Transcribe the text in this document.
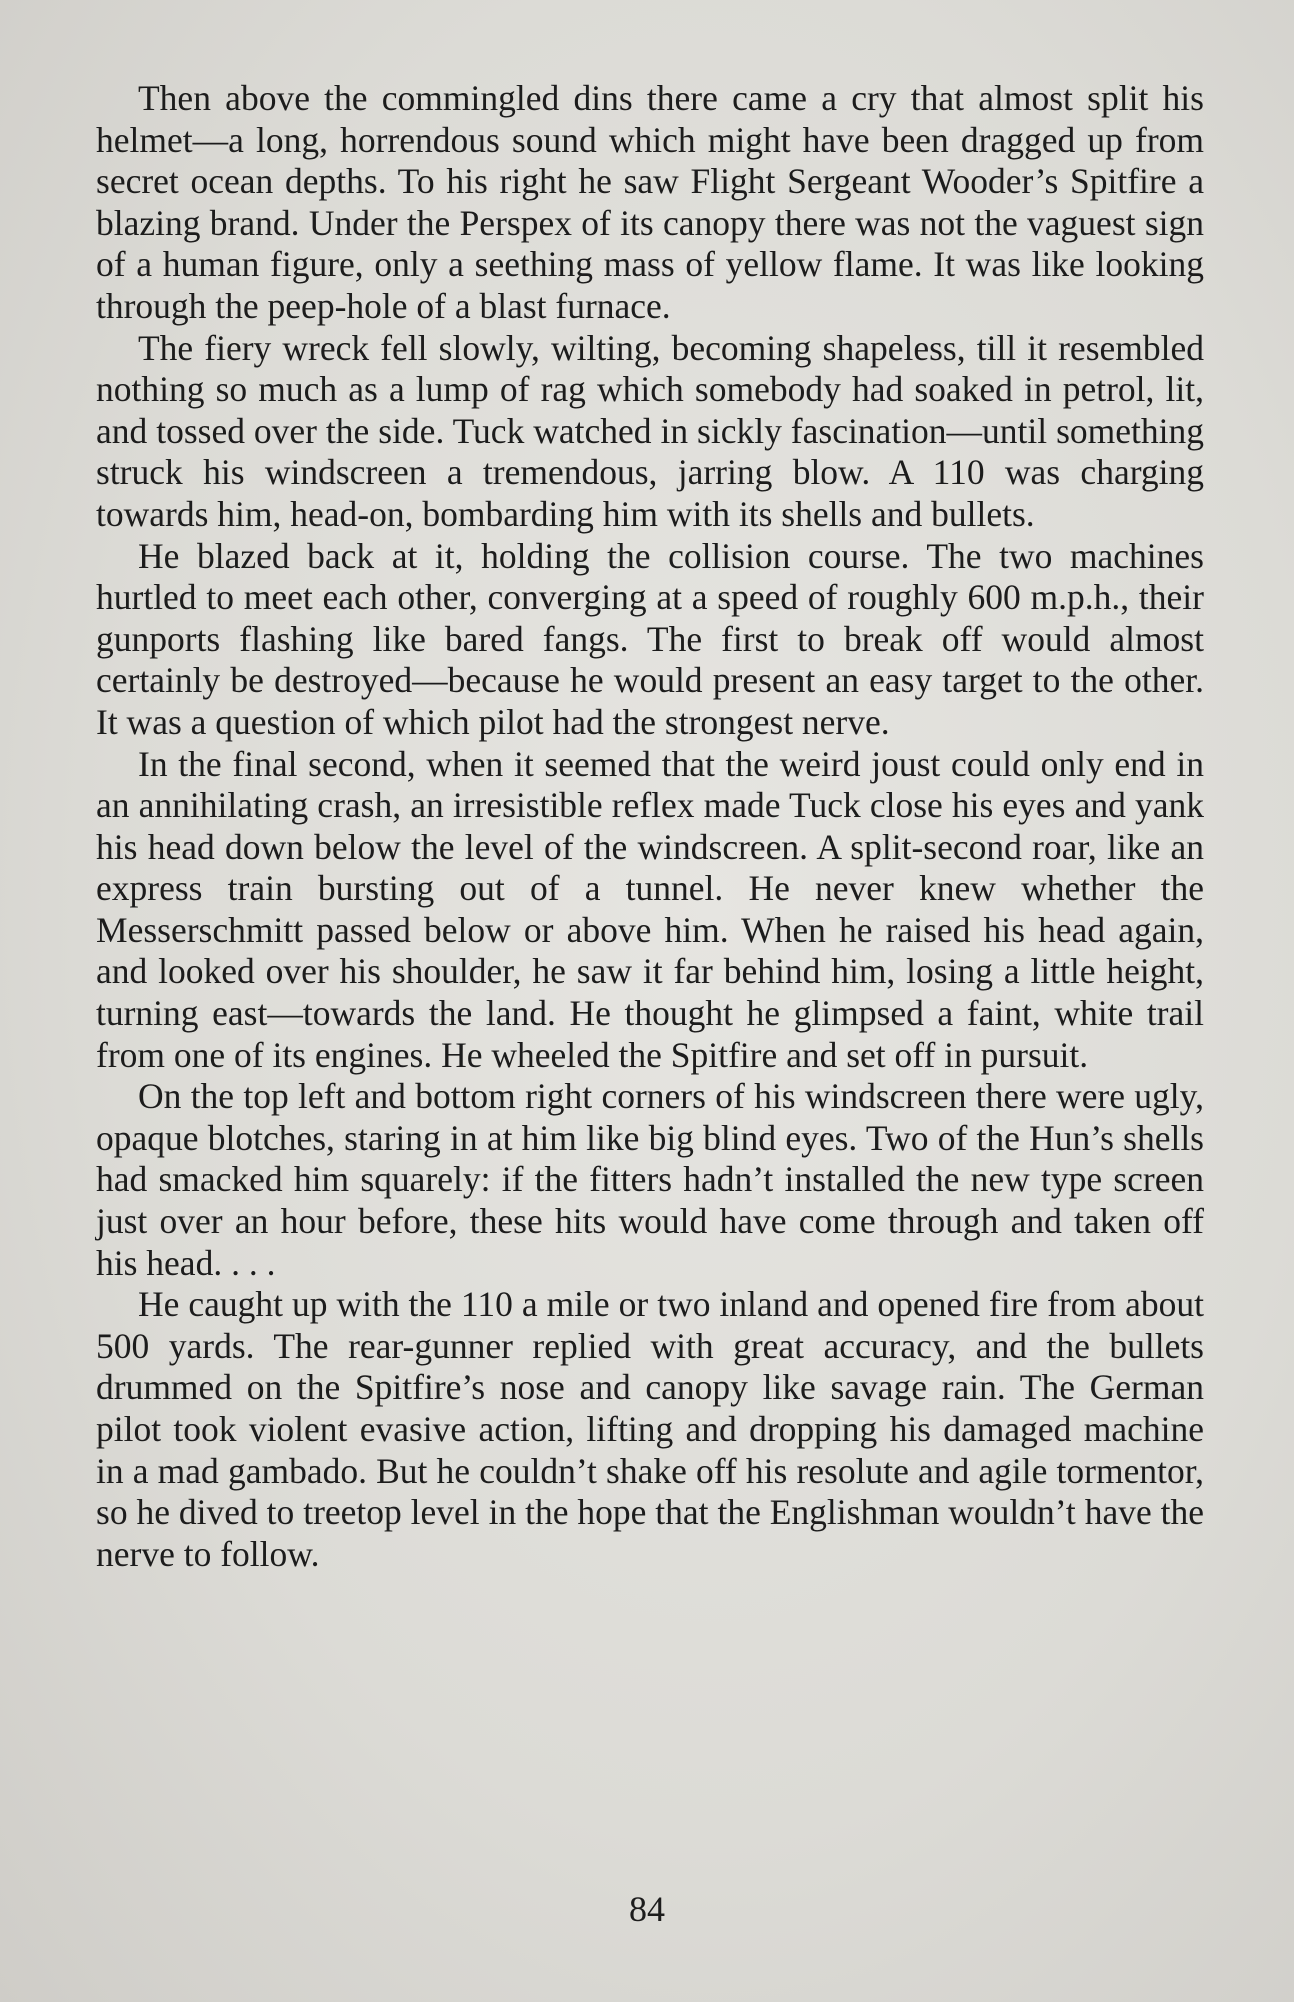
Then above the commingled dins there came a cry that almost split his helmet—a long, horrendous sound which might have been dragged up from secret ocean depths. To his right he saw Flight Sergeant Wooder’s Spitfire a blazing brand. Under the Perspex of its canopy there was not the vaguest sign of a human figure, only a seething mass of yellow flame. It was like looking through the peep-hole of a blast furnace.

The fiery wreck fell slowly, wilting, becoming shapeless, till it resembled nothing so much as a lump of rag which somebody had soaked in petrol, lit, and tossed over the side. Tuck watched in sickly fascination—until something struck his windscreen a tremendous, jarring blow. A 110 was charging towards him, head-on, bombarding him with its shells and bullets.

He blazed back at it, holding the collision course. The two machines hurtled to meet each other, converging at a speed of roughly 600 m.p.h., their gunports flashing like bared fangs. The first to break off would almost certainly be destroyed—because he would present an easy target to the other. It was a question of which pilot had the strongest nerve.

In the final second, when it seemed that the weird joust could only end in an annihilating crash, an irresistible reflex made Tuck close his eyes and yank his head down below the level of the windscreen. A split-second roar, like an express train bursting out of a tunnel. He never knew whether the Messerschmitt passed below or above him. When he raised his head again, and looked over his shoulder, he saw it far behind him, losing a little height, turning east—towards the land. He thought he glimpsed a faint, white trail from one of its engines. He wheeled the Spitfire and set off in pursuit.

On the top left and bottom right corners of his windscreen there were ugly, opaque blotches, staring in at him like big blind eyes. Two of the Hun’s shells had smacked him squarely: if the fitters hadn’t installed the new type screen just over an hour before, these hits would have come through and taken off his head. . . .

He caught up with the 110 a mile or two inland and opened fire from about 500 yards. The rear-gunner replied with great accuracy, and the bullets drummed on the Spitfire’s nose and canopy like savage rain. The German pilot took violent evasive action, lifting and dropping his damaged machine in a mad gambado. But he couldn’t shake off his resolute and agile tormentor, so he dived to treetop level in the hope that the Englishman wouldn’t have the nerve to follow.

84
